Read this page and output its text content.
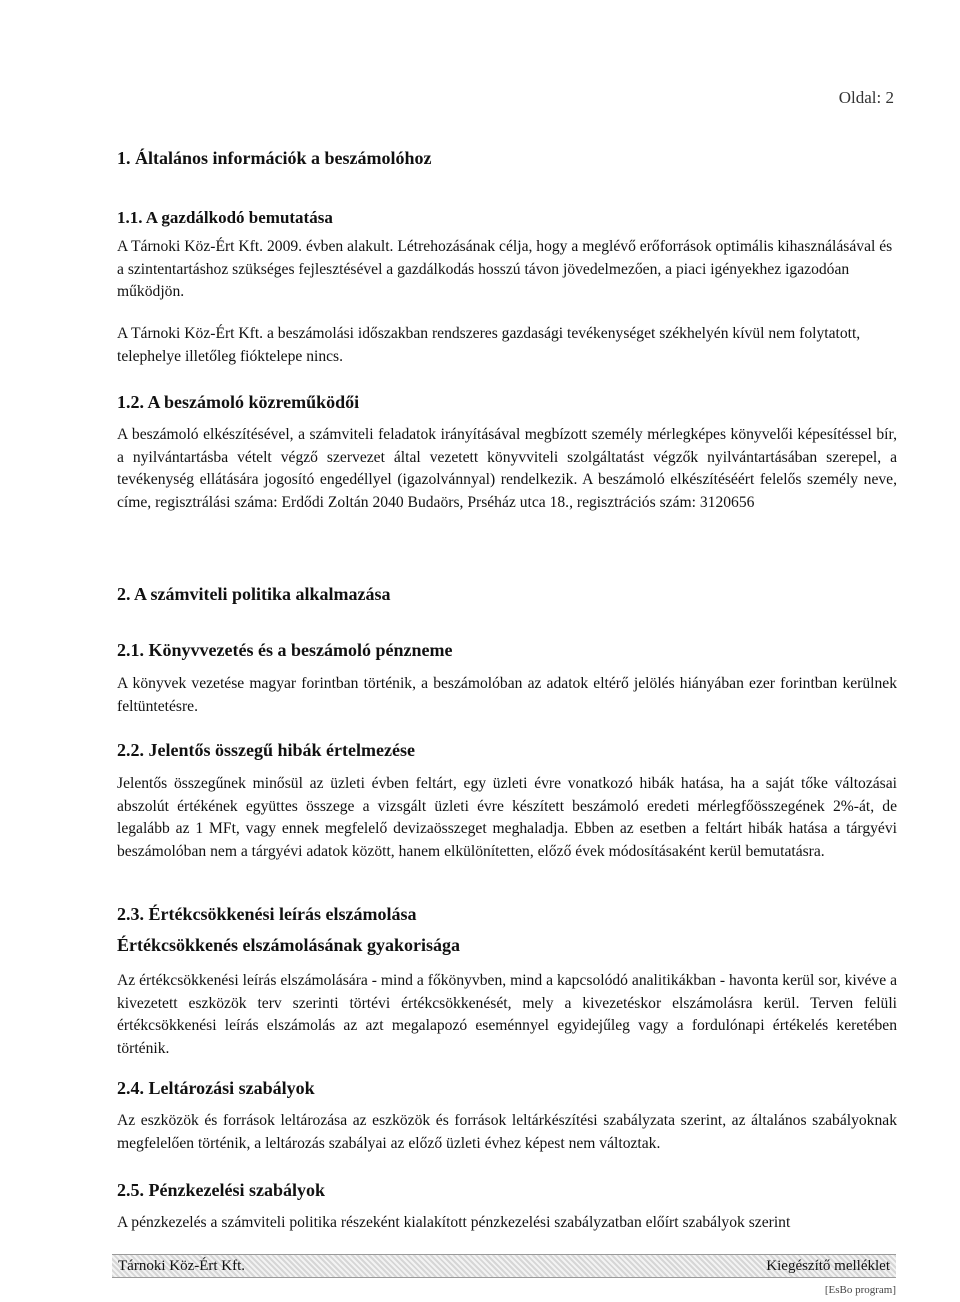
Oldal: 2
1. Általános információk a beszámolóhoz
1.1. A gazdálkodó bemutatása

A Tárnoki Köz-Ért Kft. 2009. évben alakult. Létrehozásának célja, hogy a meglévő erőforrások optimális kihasználásával és a szintentartáshoz szükséges fejlesztésével a gazdálkodás hosszú távon jövedelmezően, a piaci igényekhez igazodóan működjön.

A Tárnoki Köz-Ért Kft. a beszámolási időszakban rendszeres gazdasági tevékenységet székhelyén kívül nem folytatott, telephelye illetőleg fióktelepe nincs.

1.2. A beszámoló közreműködői

A beszámoló elkészítésével, a számviteli feladatok irányításával megbízott személy mérlegképes könyvelői képesítéssel bír, a nyilvántartásba vételt végző szervezet által vezetett könyvviteli szolgáltatást végzők nyilvántartásában szerepel, a tevékenység ellátására jogosító engedéllyel (igazolvánnyal) rendelkezik. A beszámoló elkészítéséért felelős személy neve, címe, regisztrálási száma: Erdődi Zoltán 2040 Budaörs, Prséház utca 18., regisztrációs szám: 3120656

2. A számviteli politika alkalmazása
2.1. Könyvvezetés és a beszámoló pénzneme

A könyvek vezetése magyar forintban történik, a beszámolóban az adatok eltérő jelölés hiányában ezer forintban kerülnek feltüntetésre.

2.2. Jelentős összegű hibák értelmezése

Jelentős összegűnek minősül az üzleti évben feltárt, egy üzleti évre vonatkozó hibák hatása, ha a saját tőke változásai abszolút értékének együttes összege a vizsgált üzleti évre készített beszámoló eredeti mérlegfőösszegének 2%-át, de legalább az 1 MFt, vagy ennek megfelelő devizaösszeget meghaladja. Ebben az esetben a feltárt hibák hatása a tárgyévi beszámolóban nem a tárgyévi adatok között, hanem elkülönítetten, előző évek módosításaként kerül bemutatásra.

2.3. Értékcsökkenési leírás elszámolása
Értékcsökkenés elszámolásának gyakorisága

Az értékcsökkenési leírás elszámolására - mind a főkönyvben, mind a kapcsolódó analitikákban - havonta kerül sor, kivéve a kivezetett eszközök terv szerinti törtévi értékcsökkenését, mely a kivezetéskor elszámolásra kerül. Terven felüli értékcsökkenési leírás elszámolás az azt megalapozó eseménnyel egyidejűleg vagy a fordulónapi értékelés keretében történik.

2.4. Leltározási szabályok

Az eszközök és források leltározása az eszközök és források leltárkészítési szabályzata szerint, az általános szabályoknak megfelelően történik, a leltározás szabályai az előző üzleti évhez képest nem változtak.

2.5. Pénzkezelési szabályok

A pénzkezelés a számviteli politika részeként kialakított pénzkezelési szabályzatban előírt szabályok szerint

Tárnoki Köz-Ért Kft.	Kiegészítő melléklet
[EsBo program]
